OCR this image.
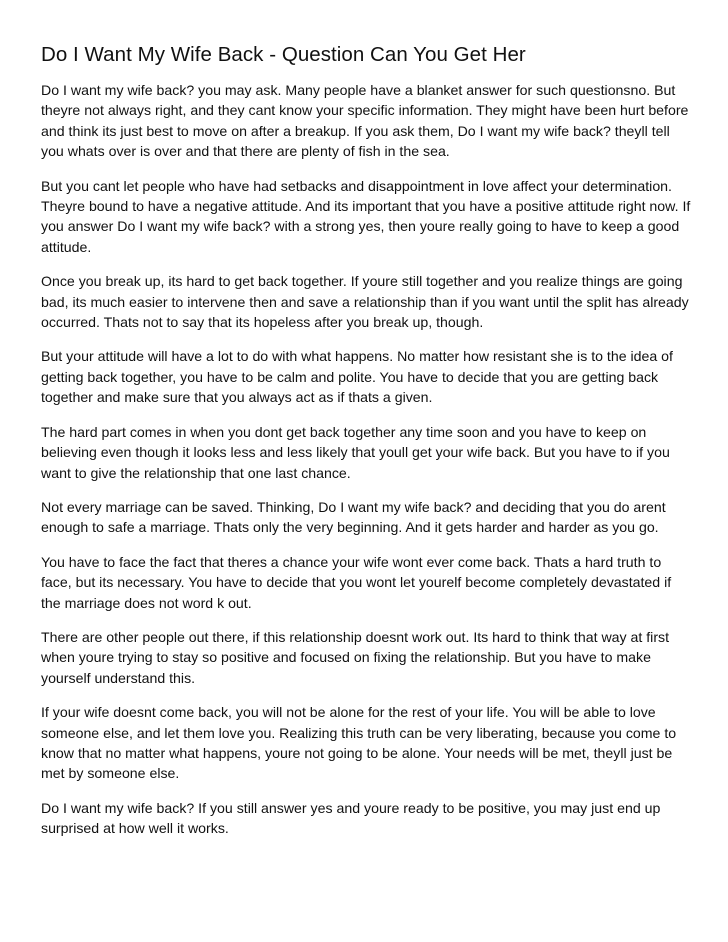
Do I Want My Wife Back - Question Can You Get Her

Do I want my wife back? you may ask. Many people have a blanket answer for such questionsno. But theyre not always right, and they cant know your specific information. They might have been hurt before and think its just best to move on after a breakup. If you ask them, Do I want my wife back? theyll tell you whats over is over and that there are plenty of fish in the sea.

But you cant let people who have had setbacks and disappointment in love affect your determination. Theyre bound to have a negative attitude. And its important that you have a positive attitude right now. If you answer Do I want my wife back? with a strong yes, then youre really going to have to keep a good attitude.

Once you break up, its hard to get back together. If youre still together and you realize things are going bad, its much easier to intervene then and save a relationship than if you want until the split has already occurred. Thats not to say that its hopeless after you break up, though.

But your attitude will have a lot to do with what happens. No matter how resistant she is to the idea of getting back together, you have to be calm and polite. You have to decide that you are getting back together and make sure that you always act as if thats a given.

The hard part comes in when you dont get back together any time soon and you have to keep on believing even though it looks less and less likely that youll get your wife back. But you have to if you want to give the relationship that one last chance.

Not every marriage can be saved. Thinking, Do I want my wife back? and deciding that you do arent enough to safe a marriage. Thats only the very beginning. And it gets harder and harder as you go.

You have to face the fact that theres a chance your wife wont ever come back. Thats a hard truth to face, but its necessary. You have to decide that you wont let yourelf become completely devastated if the marriage does not word k out.

There are other people out there, if this relationship doesnt work out. Its hard to think that way at first when youre trying to stay so positive and focused on fixing the relationship. But you have to make yourself understand this.

If your wife doesnt come back, you will not be alone for the rest of your life. You will be able to love someone else, and let them love you. Realizing this truth can be very liberating, because you come to know that no matter what happens, youre not going to be alone. Your needs will be met, theyll just be met by someone else.

Do I want my wife back? If you still answer yes and youre ready to be positive, you may just end up surprised at how well it works.
